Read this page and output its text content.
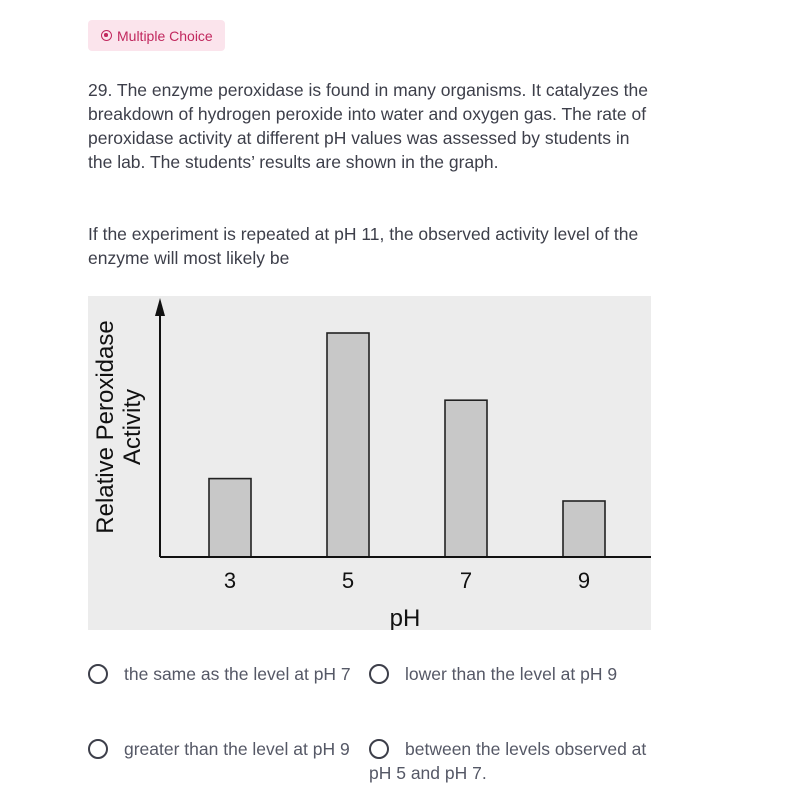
Multiple Choice

29. The enzyme peroxidase is found in many organisms. It catalyzes the breakdown of hydrogen peroxide into water and oxygen gas. The rate of peroxidase activity at different pH values was assessed by students in the lab. The students’ results are shown in the graph.

If the experiment is repeated at pH 11, the observed activity level of the enzyme will most likely be

3	5	7	9
pH
Relative Peroxidase Activity
the same as the level at pH 7	lower than the level at pH 9
greater than the level at pH 9	between the levels observed at pH 5 and pH 7.
